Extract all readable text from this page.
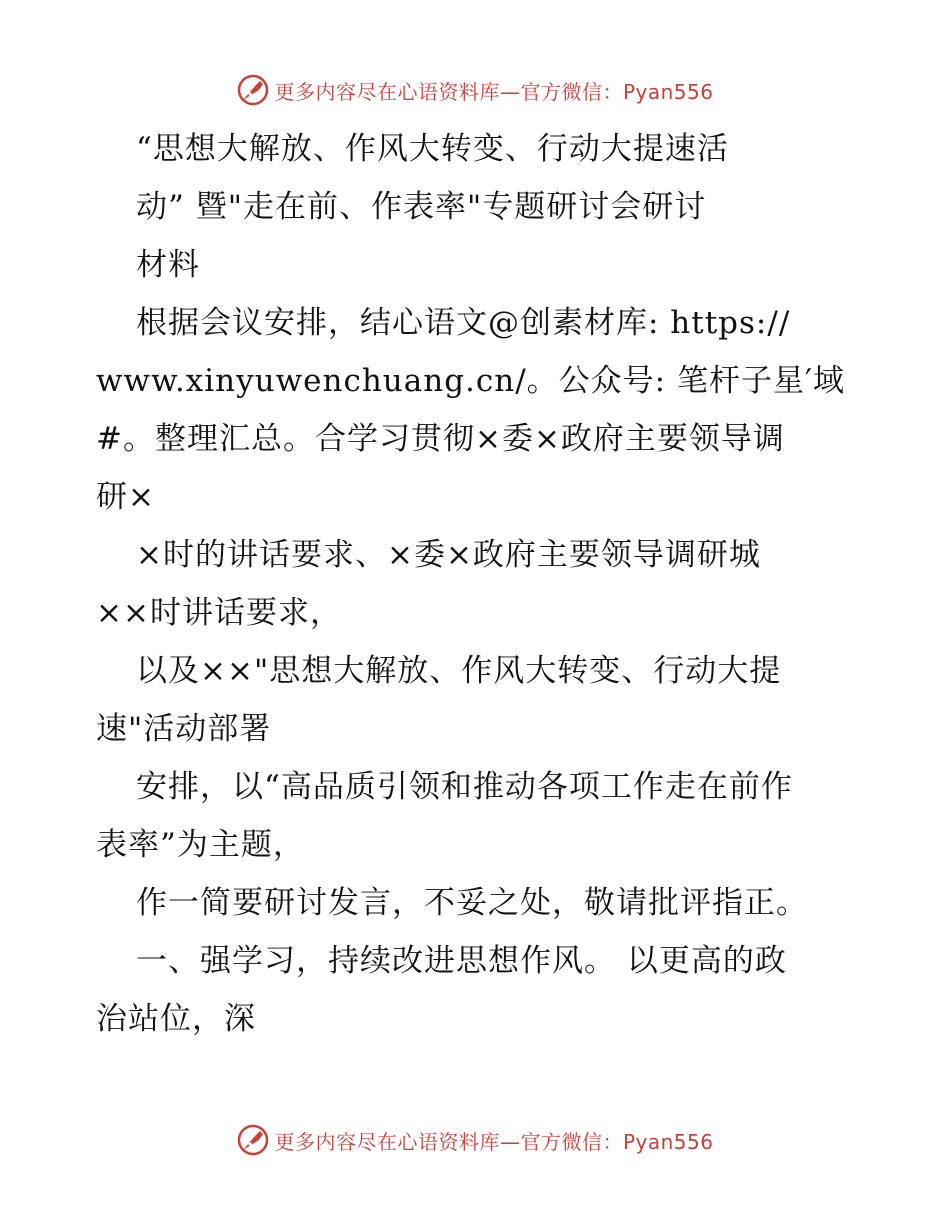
更多内容尽在心语资料库—官方微信：Pyan556
“思想大解放、作风大转变、行动大提速活
动” 暨"走在前、作表率"专题研讨会研讨
材料
根据会议安排，结心语文@创素材库: https://
www.xinyuwenchuang.cn/。公众号: 笔杆子星′域
#。整理汇总。合学习贯彻×委×政府主要领导调
研×
×时的讲话要求、×委×政府主要领导调研城
××时讲话要求，
以及××"思想大解放、作风大转变、行动大提
速"活动部署
安排，以“高品质引领和推动各项工作走在前作
表率”为主题，
作一简要研讨发言，不妥之处，敬请批评指正。
一、强学习，持续改进思想作风。 以更高的政
治站位，深
更多内容尽在心语资料库—官方微信：Pyan556
